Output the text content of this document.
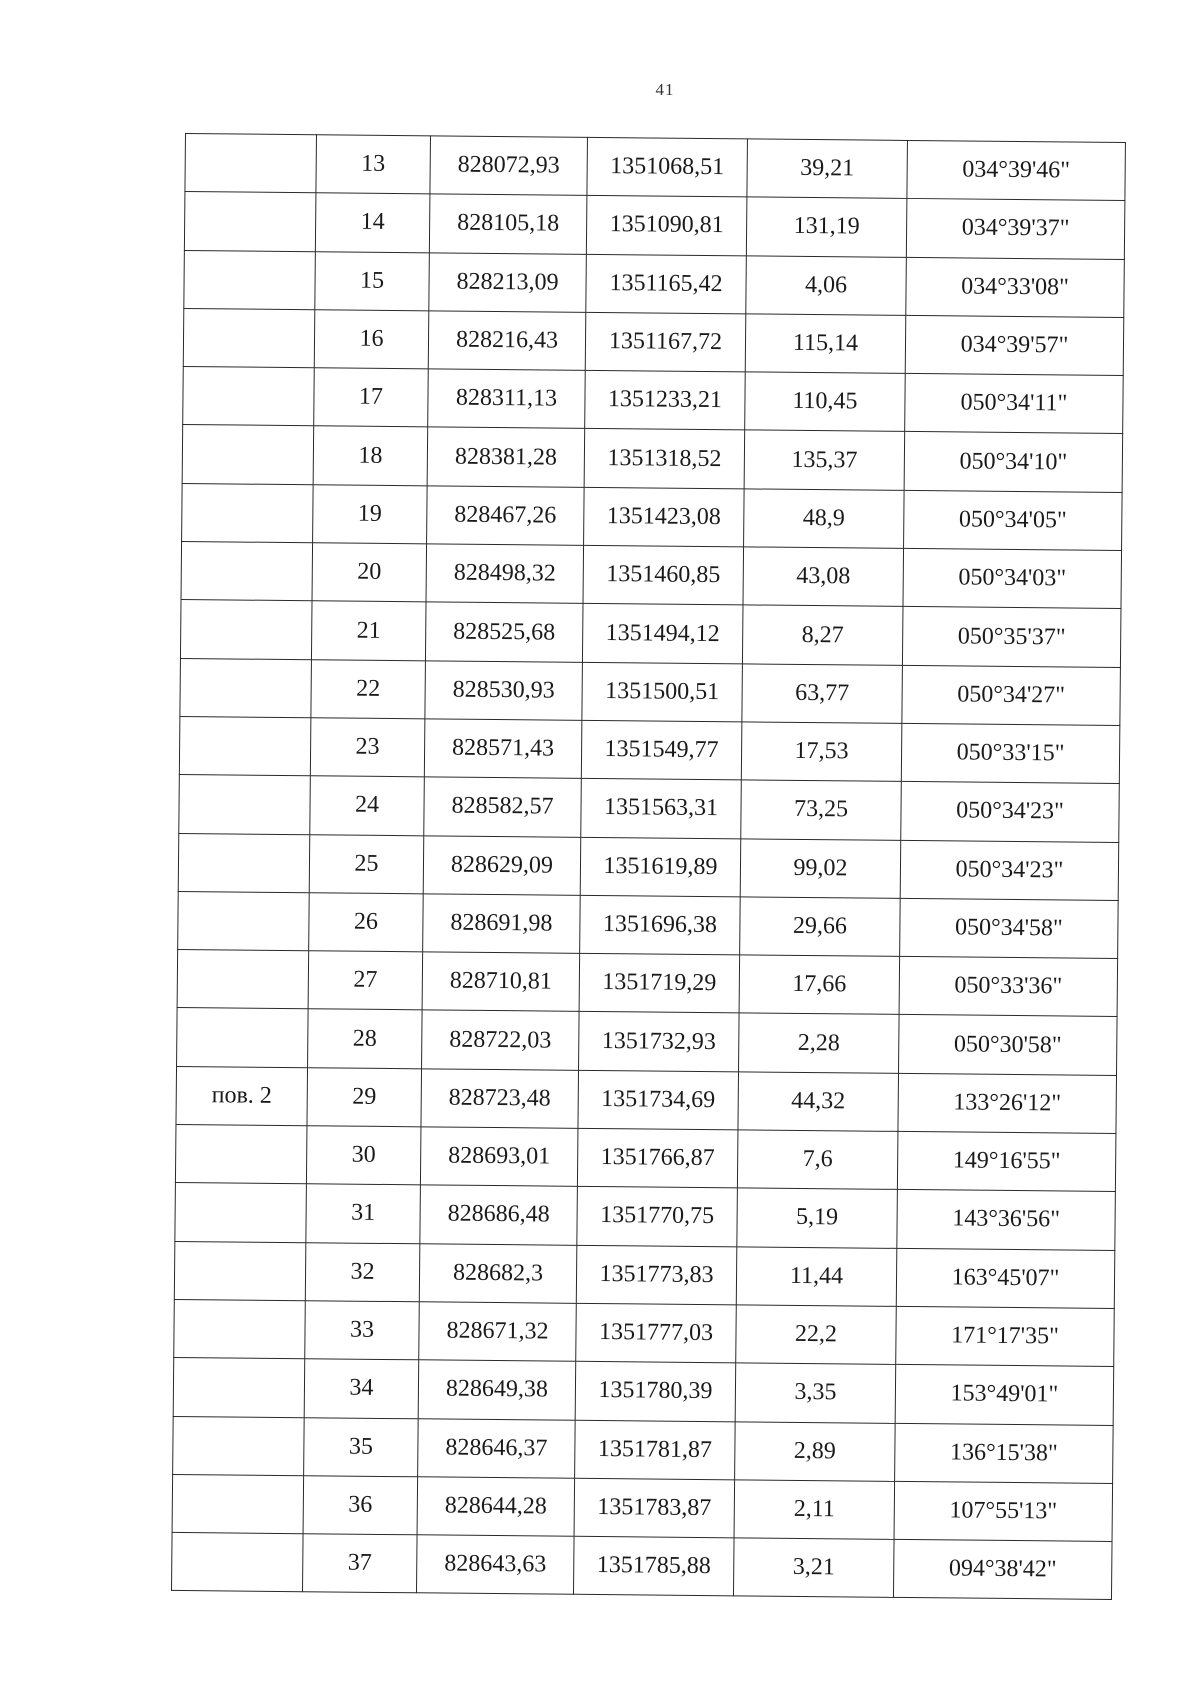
41
	13	828072,93	1351068,51	39,21	034°39'46"
	14	828105,18	1351090,81	131,19	034°39'37"
	15	828213,09	1351165,42	4,06	034°33'08"
	16	828216,43	1351167,72	115,14	034°39'57"
	17	828311,13	1351233,21	110,45	050°34'11"
	18	828381,28	1351318,52	135,37	050°34'10"
	19	828467,26	1351423,08	48,9	050°34'05"
	20	828498,32	1351460,85	43,08	050°34'03"
	21	828525,68	1351494,12	8,27	050°35'37"
	22	828530,93	1351500,51	63,77	050°34'27"
	23	828571,43	1351549,77	17,53	050°33'15"
	24	828582,57	1351563,31	73,25	050°34'23"
	25	828629,09	1351619,89	99,02	050°34'23"
	26	828691,98	1351696,38	29,66	050°34'58"
	27	828710,81	1351719,29	17,66	050°33'36"
	28	828722,03	1351732,93	2,28	050°30'58"
пов. 2	29	828723,48	1351734,69	44,32	133°26'12"
	30	828693,01	1351766,87	7,6	149°16'55"
	31	828686,48	1351770,75	5,19	143°36'56"
	32	828682,3	1351773,83	11,44	163°45'07"
	33	828671,32	1351777,03	22,2	171°17'35"
	34	828649,38	1351780,39	3,35	153°49'01"
	35	828646,37	1351781,87	2,89	136°15'38"
	36	828644,28	1351783,87	2,11	107°55'13"
	37	828643,63	1351785,88	3,21	094°38'42"
